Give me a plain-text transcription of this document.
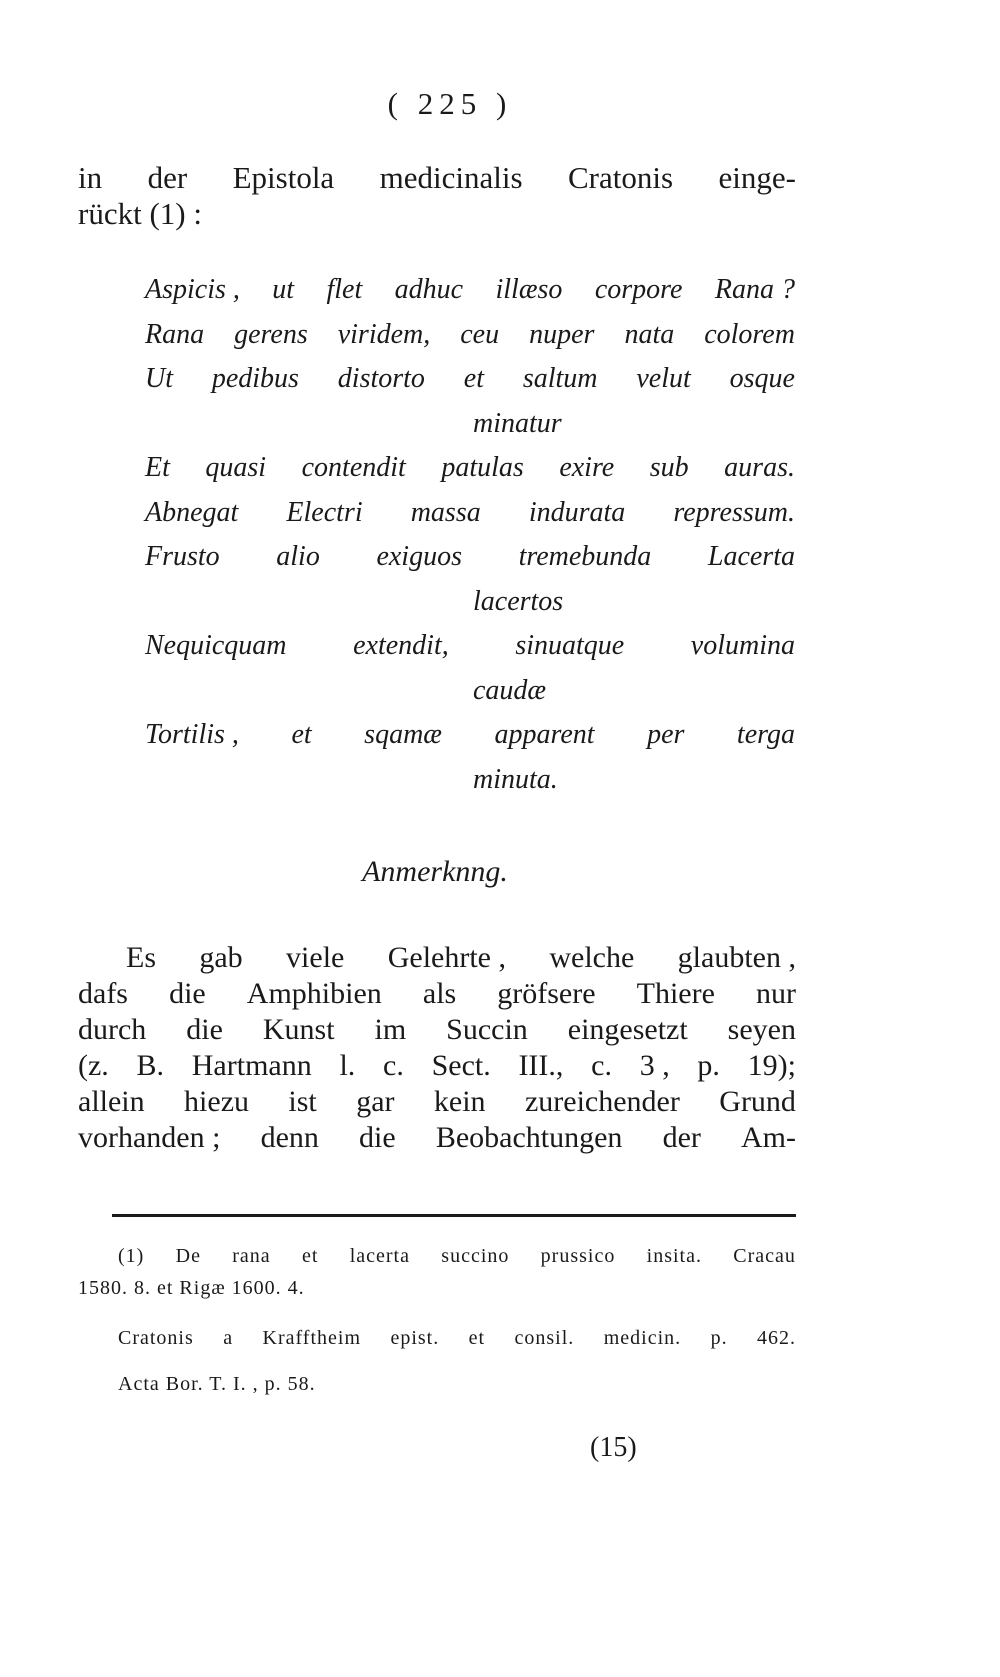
( 225 )
in der Epistola medicinalis Cratonis einge-
rückt (1) :
Aspicis , ut flet adhuc illæso corpore Rana ?
Rana gerens viridem, ceu nuper nata colorem
Ut pedibus distorto et saltum velut osque
minatur
Et quasi contendit patulas exire sub auras.
Abnegat Electri massa indurata repressum.
Frusto alio exiguos tremebunda Lacerta
lacertos
Nequicquam extendit, sinuatque volumina
caudæ
Tortilis , et sqamæ apparent per terga
minuta.
Anmerknng.
Es gab viele Gelehrte , welche glaubten ,
dafs die Amphibien als gröfsere Thiere nur
durch die Kunst im Succin eingesetzt seyen
(z. B. Hartmann l. c. Sect. III., c. 3 , p. 19);
allein hiezu ist gar kein zureichender Grund
vorhanden ; denn die Beobachtungen der Am-
(1) De rana et lacerta succino prussico insita. Cracau
1580. 8. et Rigæ 1600. 4.
Cratonis a Krafftheim epist. et consil. medicin. p. 462.
Acta Bor. T. I. , p. 58.
(15)
